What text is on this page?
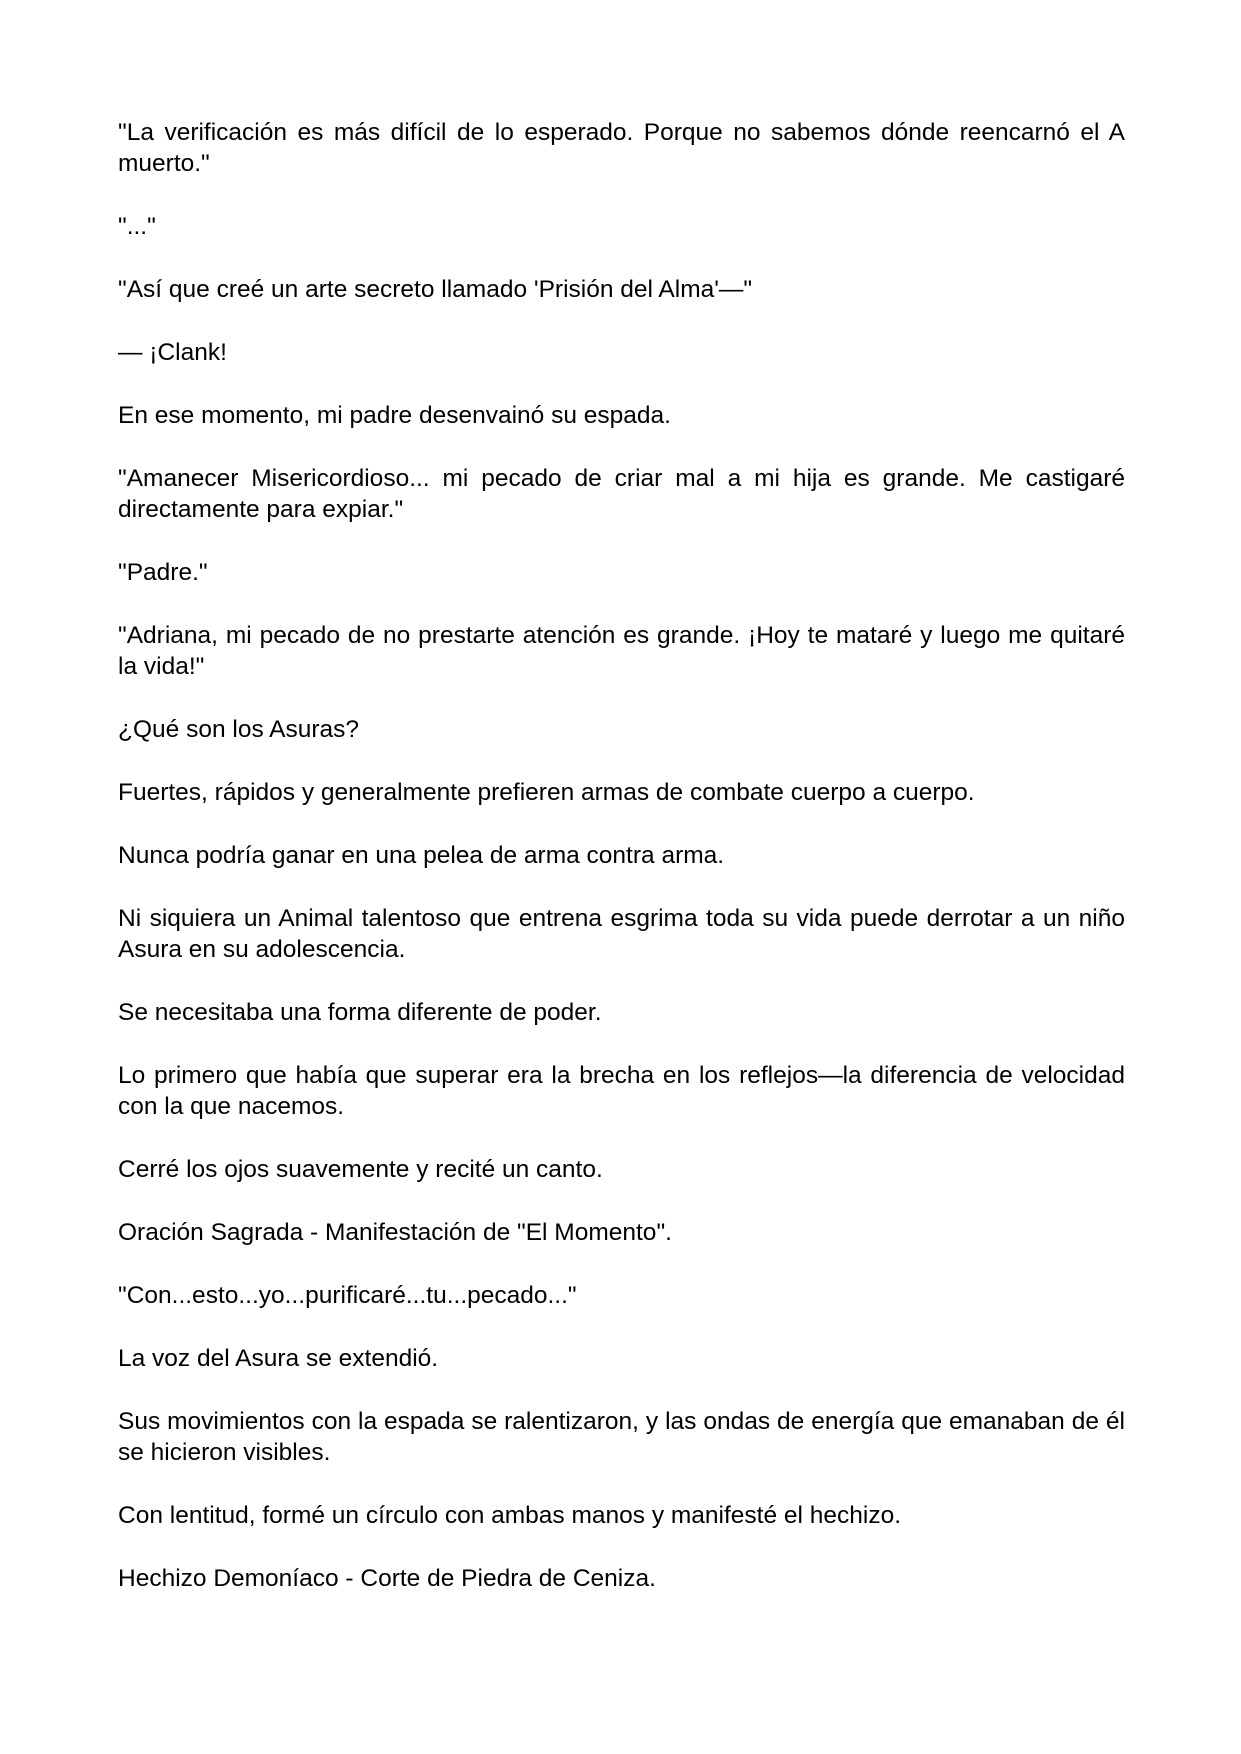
"La verificación es más difícil de lo esperado. Porque no sabemos dónde reencarnó el A muerto."

"..."

"Así que creé un arte secreto llamado 'Prisión del Alma'—"

— ¡Clank!

En ese momento, mi padre desenvainó su espada.

"Amanecer Misericordioso... mi pecado de criar mal a mi hija es grande. Me castigaré directamente para expiar."

"Padre."

"Adriana, mi pecado de no prestarte atención es grande. ¡Hoy te mataré y luego me quitaré la vida!"

¿Qué son los Asuras?

Fuertes, rápidos y generalmente prefieren armas de combate cuerpo a cuerpo.

Nunca podría ganar en una pelea de arma contra arma.

Ni siquiera un Animal talentoso que entrena esgrima toda su vida puede derrotar a un niño Asura en su adolescencia.

Se necesitaba una forma diferente de poder.

Lo primero que había que superar era la brecha en los reflejos—la diferencia de velocidad con la que nacemos.

Cerré los ojos suavemente y recité un canto.

Oración Sagrada - Manifestación de "El Momento".

"Con...esto...yo...purificaré...tu...pecado..."

La voz del Asura se extendió.

Sus movimientos con la espada se ralentizaron, y las ondas de energía que emanaban de él se hicieron visibles.

Con lentitud, formé un círculo con ambas manos y manifesté el hechizo.

Hechizo Demoníaco - Corte de Piedra de Ceniza.
